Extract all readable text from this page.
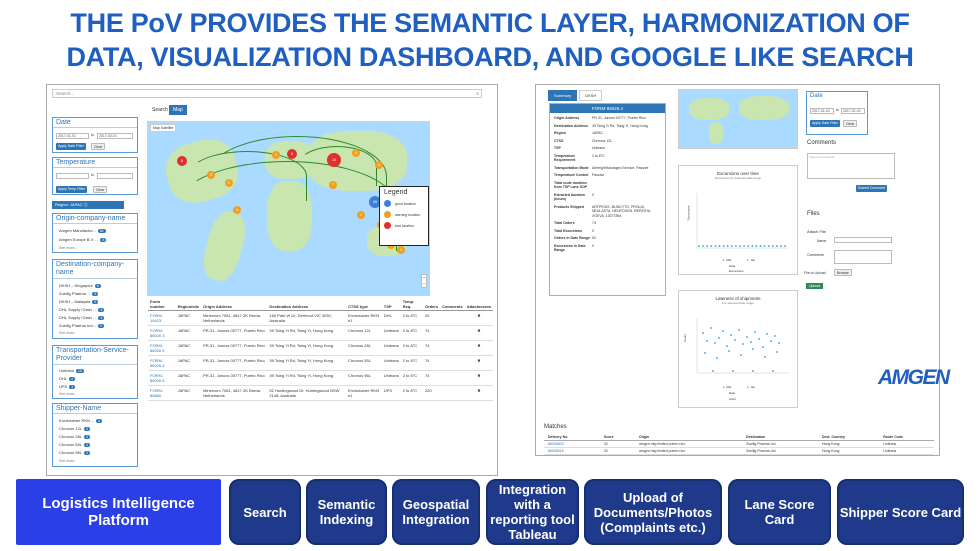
THE PoV PROVIDES THE SEMANTIC LAYER, HARMONIZATION OF
DATA, VISUALIZATION DASHBOARD, AND GOOGLE LIKE SEARCH
Search...	⌕
Date
2017-01-01	to	2017-02-01
Apply Date Filter	Clear
Temperature
to
Apply Temp Filter	Clear
Region: JAPAC ⓧ
Origin-company-name
Amgen Manufactur... 61
Amgen Europe B.V. ... 8
See more...
Destination-company-name
DKSH – Singapore 8
Zuellig Pharma ... 5
DKSH – Malaysia 5
DHL Supply Chain ... 4
DHL Supply Chain ... 4
Zuellig Pharma Ind... 3
See more...
Transportation-Service-Provider
Unitrans 25
DHL 4
UPS 3
See more...
Shipper-Name
Envirotainer RKN ... 6
Chronos 12L 4
Chronos 28L 4
Chronos 55L 4
Chronos 96L 3
See more...
Search	Map
Map Satellite
8
3
5
4
2	5
10
3
2
26
4
3
7
Legend
good location
warning location
bad location
+
−
Form number	Region/site	Origin Address	Destination Address	CTSS type	TSP	Temp. Req.	Orders	Comments	Attachments
FORM-19423	JAPAC	Minervum 7081, 4817 ZK Breda, Netherlands	160 Park W Dr, Derrimut VIC 3030, Australia	Envirotainer RKN e1	DHL	2 to 8°C	20		✖
FORM-86026 3	JAPAC	PR-31, Juncos 00777, Puerto Rico	39 Tsing Yi Rd, Tsing Yi, Hong Kong	Chronos 12L	Unitrans	2 to 8°C	74		✖
FORM-86026 5	JAPAC	PR-31, Juncos 00777, Puerto Rico	39 Tsing Yi Rd, Tsing Yi, Hong Kong	Chronos 28L	Unitrans	2 to 8°C	74		✖
FORM-86026 4	JAPAC	PR-31, Juncos 00777, Puerto Rico	39 Tsing Yi Rd, Tsing Yi, Hong Kong	Chronos 55L	Unitrans	2 to 8°C	74		✖
FORM-86026 6	JAPAC	PR-31, Juncos 00777, Puerto Rico	39 Tsing Yi Rd, Tsing Yi, Hong Kong	Chronos 96L	Unitrans	2 to 8°C	74		✖
FORM-86880	JAPAC	Minervum 7081, 4817 ZK Breda, Netherlands	52 Huntingwood Dr, Huntingwood NSW 2148, Australia	Envirotainer RKN e1	UPS	2 to 8°C	220		✖
Summary	DKSH
FORM-86026.4
Origin Address	PR-31, Juncos 00777, Puerto Rico
Destination Address	39 Tsing Yi Rd, Tsing Yi, Hong Kong
Region	JAPAC
CTSS	Chronos 12L
TSP	Unitrans
Temperature Requirement
2 to 8°C
Transportation Mode Airfreight/Managed Service, Passive
Temperature Control	Passive
Total route duration from TSP Lane SOP
Extracted duration (hours)
0
Products Shipped	ARTPEGIS, BLINCYTO, PROLIA, NEULASTA, NEUPOGEN, REPATHA, XGEVA, 10077894
Total Orders	74
Total Excursions	0
Orders in Date Range 52
Excursions in Date Range
0
Excursions over time
Excursions for selected date range
Date
Excursions
1. Mar	1. Jan
Excursions
Lateness of shipments
For selected date range
Date
Hours
1. Mar	1. Jan
order
Date
2017-01-01	to	2017-01-01
Apply Date Filter	Clear
Comments
Type in a comment
Submit Comment
Files
Attach File
Name
Comments
File to Upload	Browse
Upload
Matches
Delivery No.	Score	Origin	Destination	Dest. Country	Route Code
86026003	32	amgen mfg limited puerto rico	Zuellig Pharma Ltd.	Hong Kong	Unitrans
86026015	32	amgen mfg limited puerto rico	Zuellig Pharma Ltd.	Hong Kong	Unitrans
AMGEN
Logistics Intelligence Platform	Search	Semantic Indexing
Geospatial Integration
Integration with a reporting tool Tableau
Upload of Documents/Photos (Complaints etc.)
Lane Score Card	Shipper Score Card
